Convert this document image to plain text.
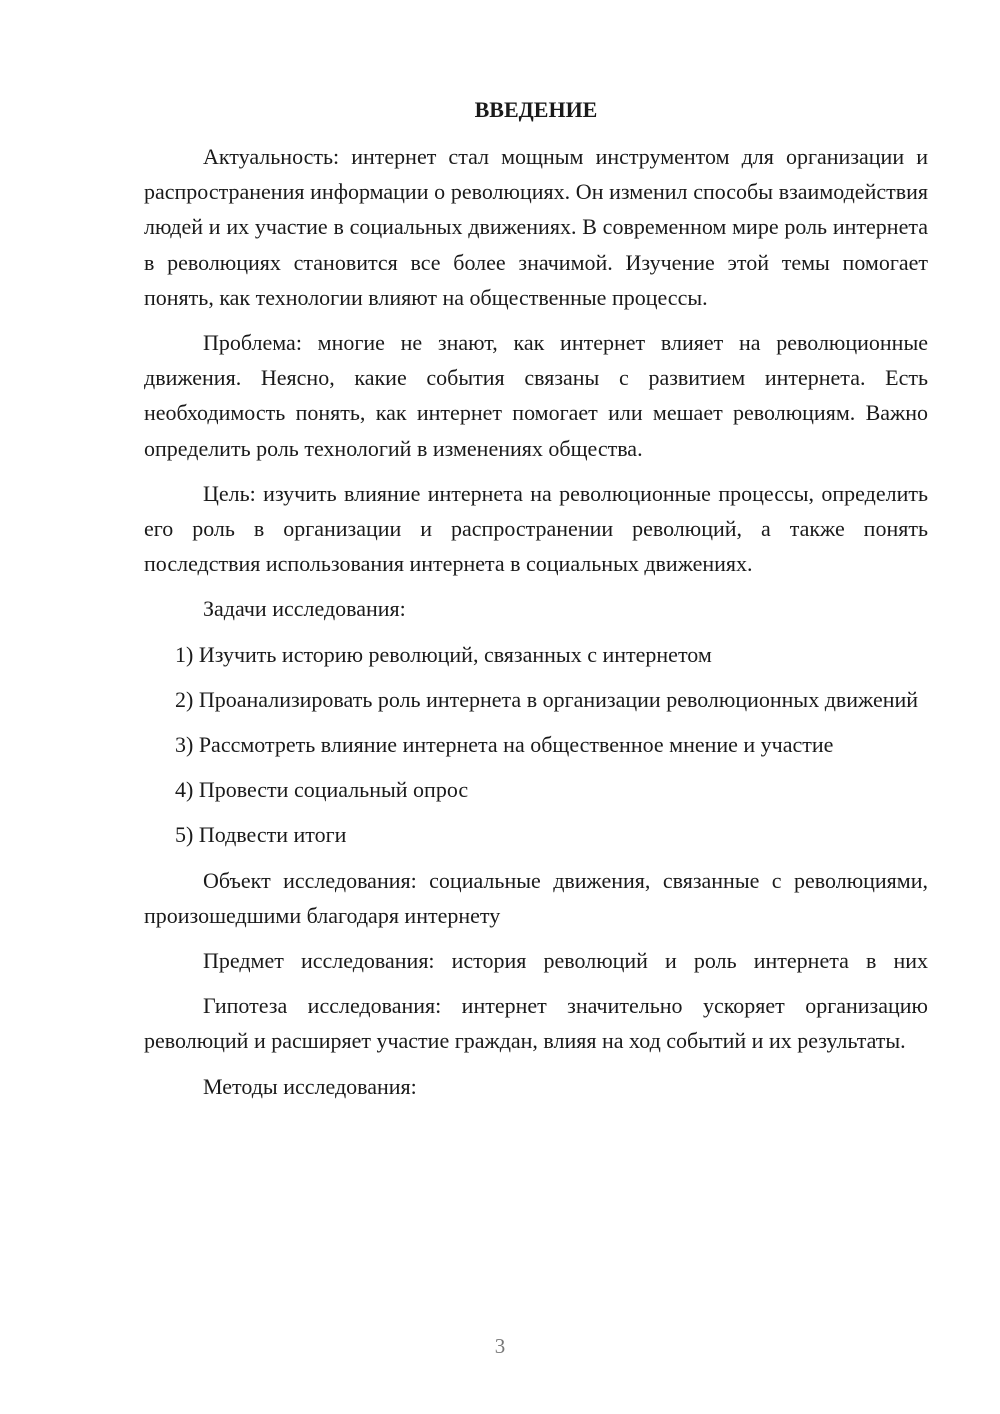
ВВЕДЕНИЕ

Актуальность: интернет стал мощным инструментом для организации и распространения информации о революциях. Он изменил способы взаимодействия людей и их участие в социальных движениях. В современном мире роль интернета в революциях становится все более значимой. Изучение этой темы помогает понять, как технологии влияют на общественные процессы.

Проблема: многие не знают, как интернет влияет на революционные движения. Неясно, какие события связаны с развитием интернета. Есть необходимость понять, как интернет помогает или мешает революциям. Важно определить роль технологий в изменениях общества.

Цель: изучить влияние интернета на революционные процессы, определить его роль в организации и распространении революций, а также понять последствия использования интернета в социальных движениях.

Задачи исследования:

1) Изучить историю революций, связанных с интернетом

2) Проанализировать роль интернета в организации революционных движений

3) Рассмотреть влияние интернета на общественное мнение и участие

4) Провести социальный опрос

5) Подвести итоги

Объект исследования: социальные движения, связанные с революциями, произошедшими благодаря интернету

Предмет исследования: история революций и роль интернета в них

Гипотеза исследования: интернет значительно ускоряет организацию революций и расширяет участие граждан, влияя на ход событий и их результаты.

Методы исследования:

3
